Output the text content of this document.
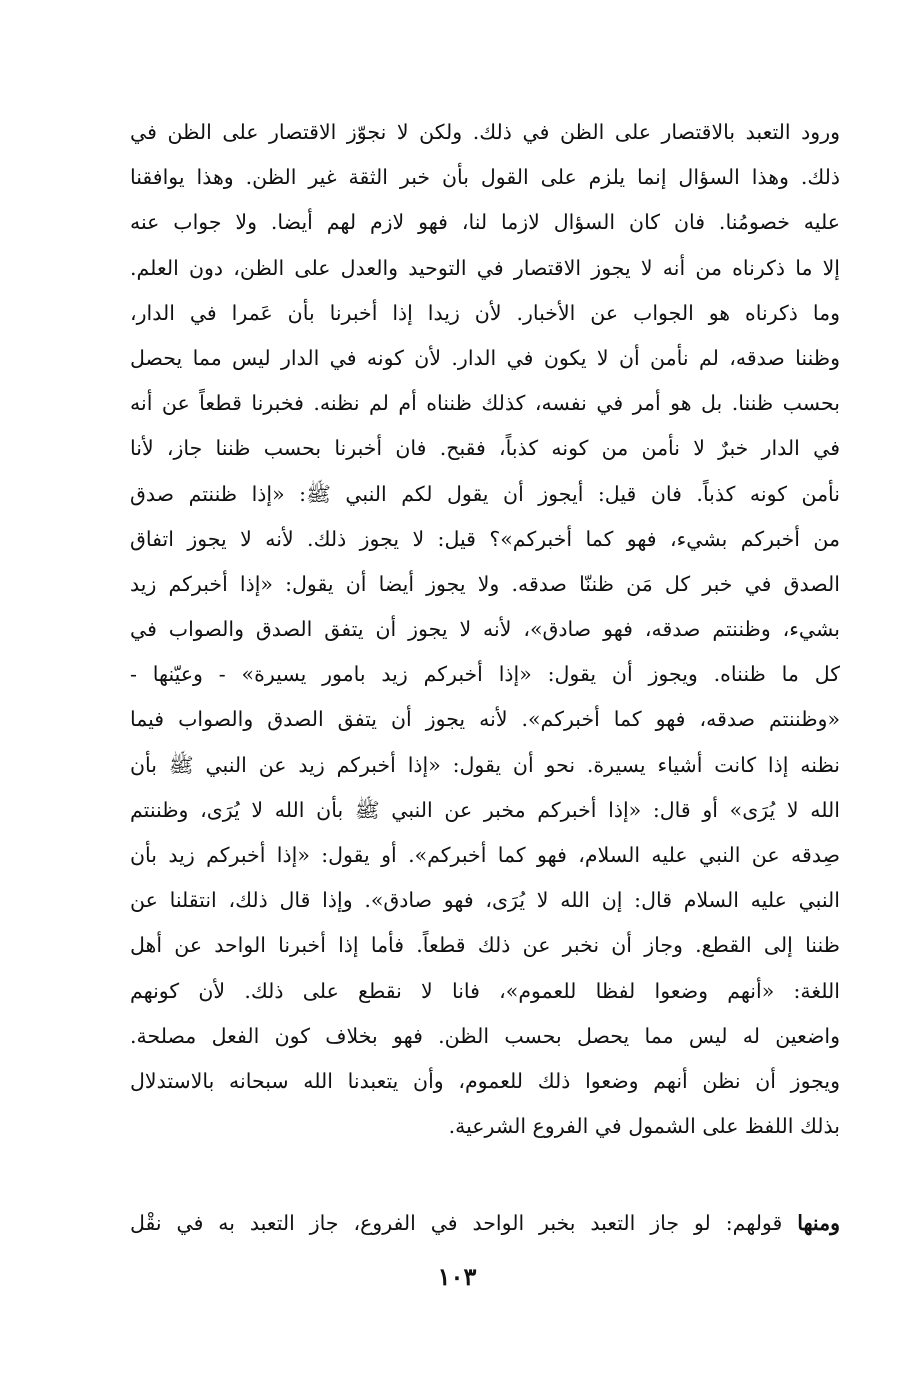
ورود التعبد بالاقتصار على الظن في ذلك. ولكن لا نجوّز الاقتصار على الظن في
ذلك. وهذا السؤال إنما يلزم على القول بأن خبر الثقة غير الظن. وهذا يوافقنا
عليه خصومُنا. فان كان السؤال لازما لنا، فهو لازم لهم أيضا. ولا جواب عنه
إلا ما ذكرناه من أنه لا يجوز الاقتصار في التوحيد والعدل على الظن، دون العلم.
وما ذكرناه هو الجواب عن الأخبار. لأن زيدا إذا أخبرنا بأن عَمرا في الدار،
وظننا صدقه، لم نأمن أن لا يكون في الدار. لأن كونه في الدار ليس مما يحصل
بحسب ظننا. بل هو أمر في نفسه، كذلك ظنناه أم لم نظنه. فخبرنا قطعاً عن أنه
في الدار خبرٌ لا نأمن من كونه كذباً، فقبح. فان أخبرنا بحسب ظننا جاز، لأنا
نأمن كونه كذباً. فان قيل: أيجوز أن يقول لكم النبي ﷺ: «إذا ظننتم صدق
من أخبركم بشيء، فهو كما أخبركم»؟ قيل: لا يجوز ذلك. لأنه لا يجوز اتفاق
الصدق في خبر كل مَن ظننّا صدقه. ولا يجوز أيضا أن يقول: «إذا أخبركم زيد
بشيء، وظننتم صدقه، فهو صادق»، لأنه لا يجوز أن يتفق الصدق والصواب في
كل ما ظنناه. ويجوز أن يقول: «إذا أخبركم زيد بامور يسيرة» - وعيّنها -
«وظننتم صدقه، فهو كما أخبركم». لأنه يجوز أن يتفق الصدق والصواب فيما
نظنه إذا كانت أشياء يسيرة. نحو أن يقول: «إذا أخبركم زيد عن النبي ﷺ بأن
الله لا يُرَى» أو قال: «إذا أخبركم مخبر عن النبي ﷺ بأن الله لا يُرَى، وظننتم
صِدقه عن النبي عليه السلام، فهو كما أخبركم». أو يقول: «إذا أخبركم زيد بأن
النبي عليه السلام قال: إن الله لا يُرَى، فهو صادق». وإذا قال ذلك، انتقلنا عن
ظننا إلى القطع. وجاز أن نخبر عن ذلك قطعاً. فأما إذا أخبرنا الواحد عن أهل
اللغة: «أنهم وضعوا لفظا للعموم»، فانا لا نقطع على ذلك. لأن كونهم
واضعين له ليس مما يحصل بحسب الظن. فهو بخلاف كون الفعل مصلحة.
ويجوز أن نظن أنهم وضعوا ذلك للعموم، وأن يتعبدنا الله سبحانه بالاستدلال
بذلك اللفظ على الشمول في الفروع الشرعية.
ومنها قولهم: لو جاز التعبد بخبر الواحد في الفروع، جاز التعبد به في نقْل
١٠٣
